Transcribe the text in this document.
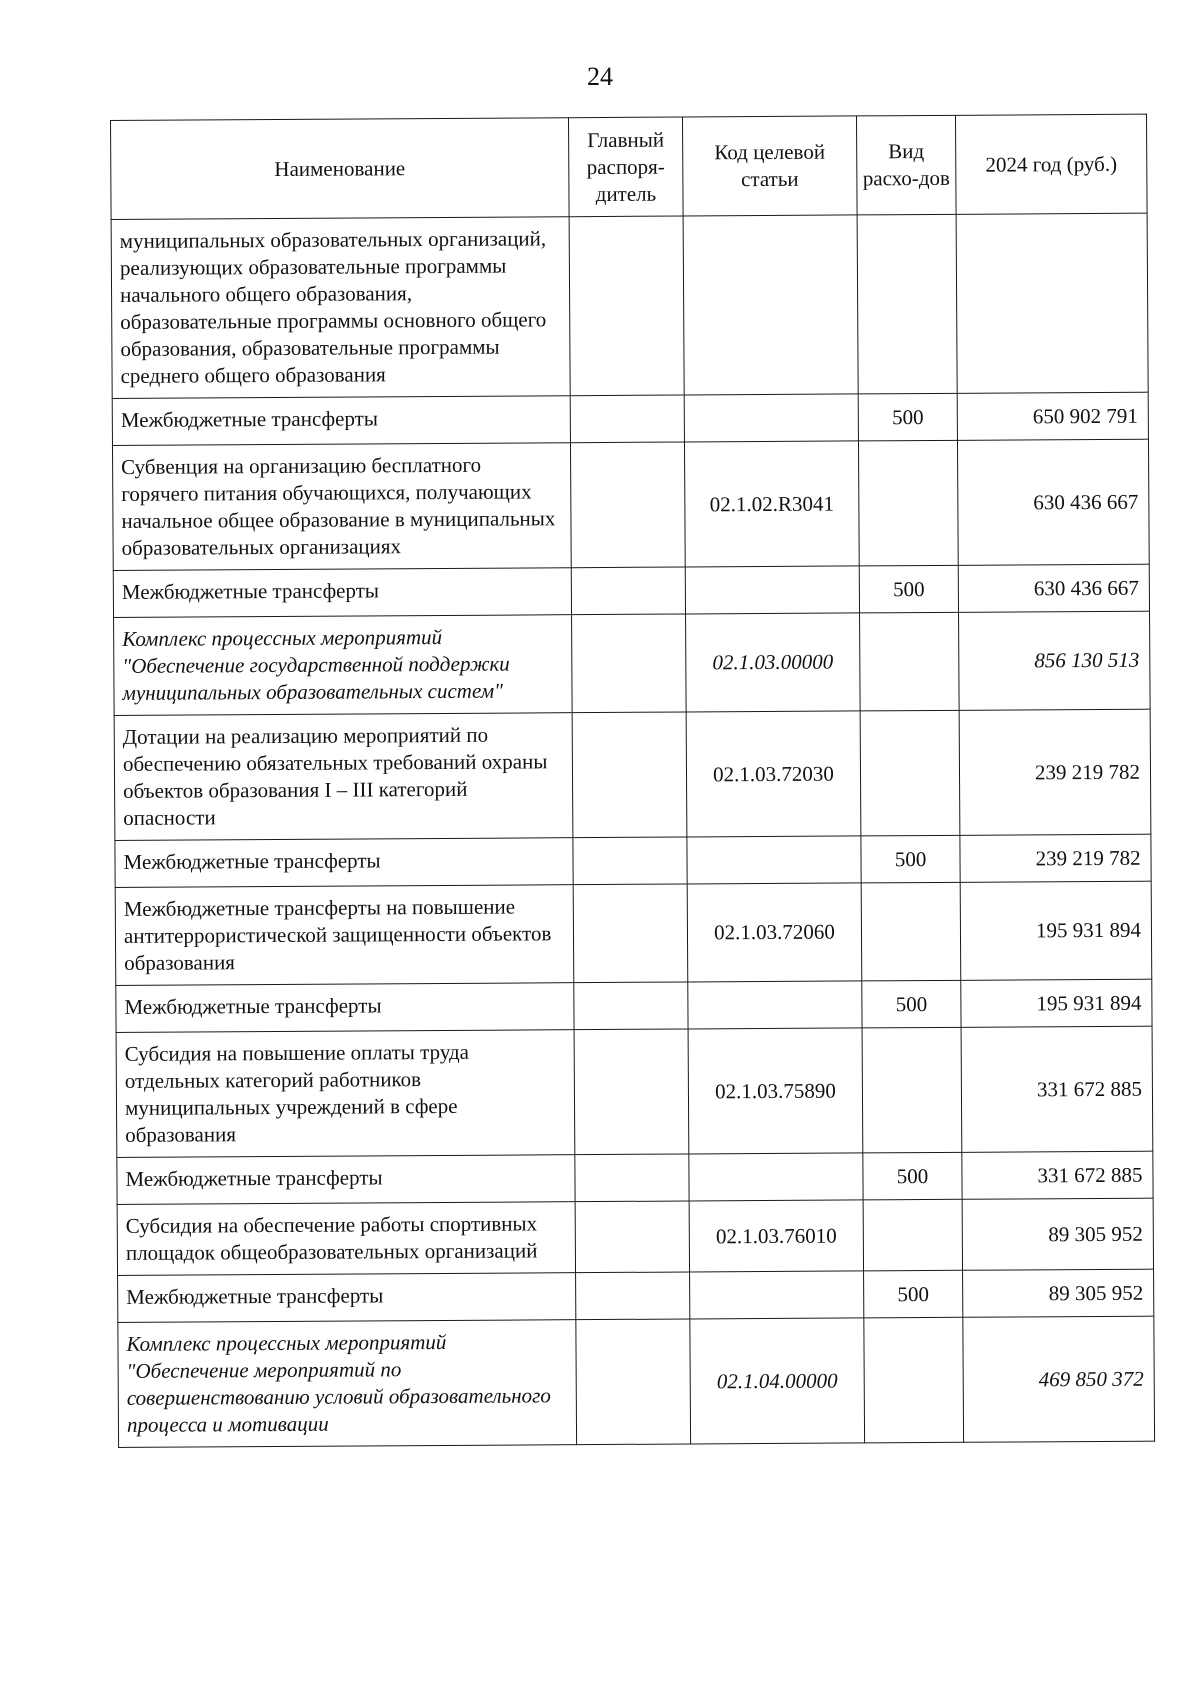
24
Наименование	Главный распоря-дитель	Код целевой статьи	Вид расхо-дов	2024 год (руб.)
муниципальных образовательных организаций, реализующих образовательные программы начального общего образования, образовательные программы основного общего образования, образовательные программы среднего общего образования				
Межбюджетные трансферты			500	650 902 791
Субвенция на организацию бесплатного горячего питания обучающихся, получающих начальное общее образование в муниципальных образовательных организациях		02.1.02.R3041		630 436 667
Межбюджетные трансферты			500	630 436 667
Комплекс процессных мероприятий "Обеспечение государственной поддержки муниципальных образовательных систем"		02.1.03.00000		856 130 513
Дотации на реализацию мероприятий по обеспечению обязательных требований охраны объектов образования I – III категорий опасности		02.1.03.72030		239 219 782
Межбюджетные трансферты			500	239 219 782
Межбюджетные трансферты на повышение антитеррористической защищенности объектов образования		02.1.03.72060		195 931 894
Межбюджетные трансферты			500	195 931 894
Субсидия на повышение оплаты труда отдельных категорий работников муниципальных учреждений в сфере образования		02.1.03.75890		331 672 885
Межбюджетные трансферты			500	331 672 885
Субсидия на обеспечение работы спортивных площадок общеобразовательных организаций		02.1.03.76010		89 305 952
Межбюджетные трансферты			500	89 305 952
Комплекс процессных мероприятий "Обеспечение мероприятий по совершенствованию условий образовательного процесса и мотивации		02.1.04.00000		469 850 372
